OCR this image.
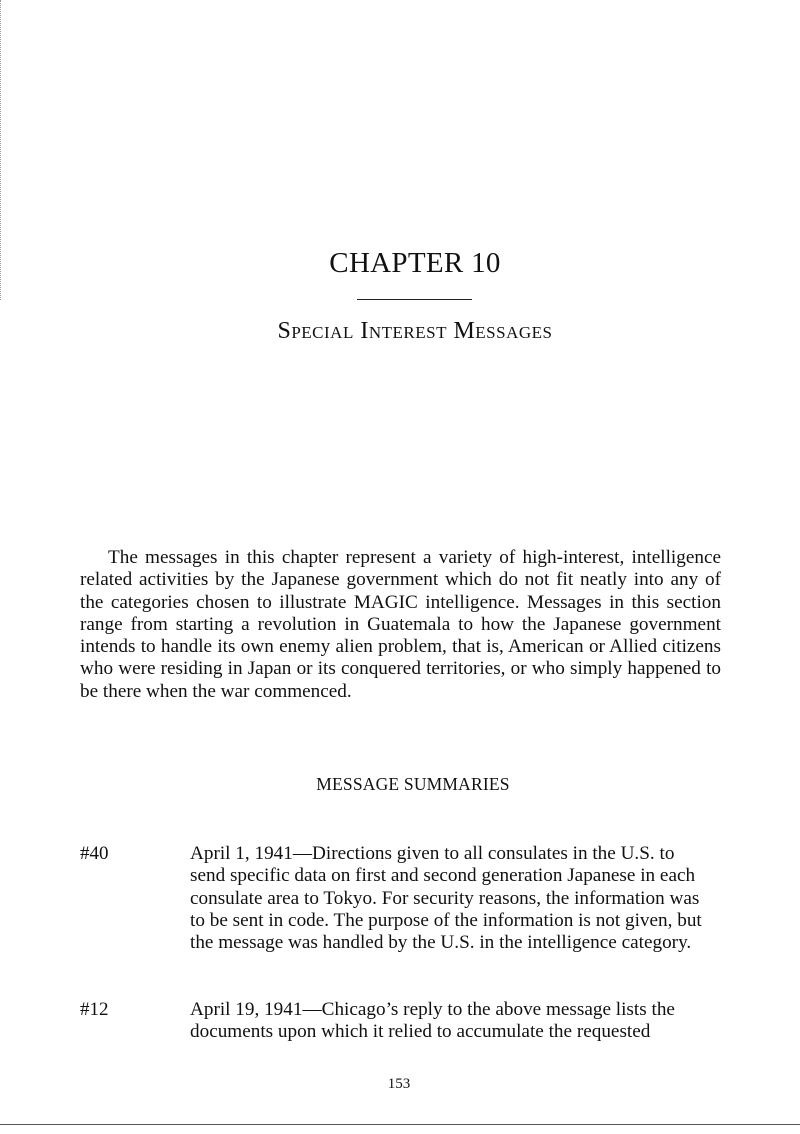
CHAPTER 10
Special Interest Messages

The messages in this chapter represent a variety of high-interest, intelligence related activities by the Japanese government which do not fit neatly into any of the categories chosen to illustrate MAGIC intelligence. Messages in this section range from starting a revolution in Guatemala to how the Japanese government intends to handle its own enemy alien problem, that is, American or Allied citizens who were residing in Japan or its conquered territories, or who simply happened to be there when the war commenced.

MESSAGE SUMMARIES
#40	April 1, 1941—Directions given to all consulates in the U.S. to send specific data on first and second generation Japanese in each consulate area to Tokyo. For security reasons, the information was to be sent in code. The purpose of the information is not given, but the message was handled by the U.S. in the intelligence category.

#12	April 19, 1941—Chicago’s reply to the above message lists the documents upon which it relied to accumulate the requested

153
